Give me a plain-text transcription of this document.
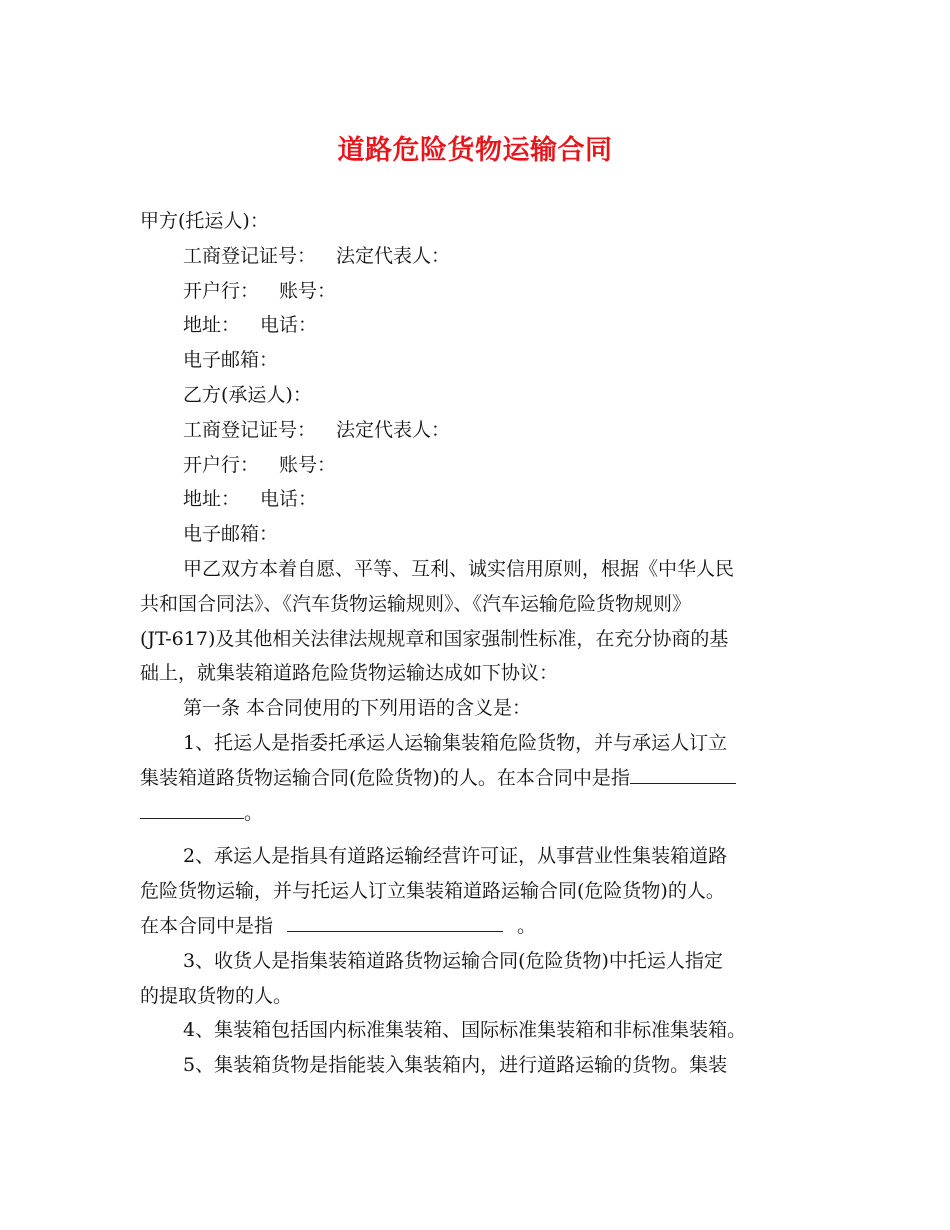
道路危险货物运输合同

甲方(托运人)：

工商登记证号： 法定代表人：

开户行： 账号：

地址： 电话：

电子邮箱：

乙方(承运人)：

工商登记证号： 法定代表人：

开户行： 账号：

地址： 电话：

电子邮箱：

甲乙双方本着自愿、平等、互利、诚实信用原则，根据《中华人民

共和国合同法》、《汽车货物运输规则》、《汽车运输危险货物规则》

(JT-617)及其他相关法律法规规章和国家强制性标准，在充分协商的基

础上，就集装箱道路危险货物运输达成如下协议：

第一条 本合同使用的下列用语的含义是：

1、托运人是指委托承运人运输集装箱危险货物，并与承运人订立

集装箱道路货物运输合同(危险货物)的人。在本合同中是指

。

2、承运人是指具有道路运输经营许可证，从事营业性集装箱道路

危险货物运输，并与托运人订立集装箱道路运输合同(危险货物)的人。

在本合同中是指	。

3、收货人是指集装箱道路货物运输合同(危险货物)中托运人指定

的提取货物的人。

4、集装箱包括国内标准集装箱、国际标准集装箱和非标准集装箱。

5、集装箱货物是指能装入集装箱内，进行道路运输的货物。集装
